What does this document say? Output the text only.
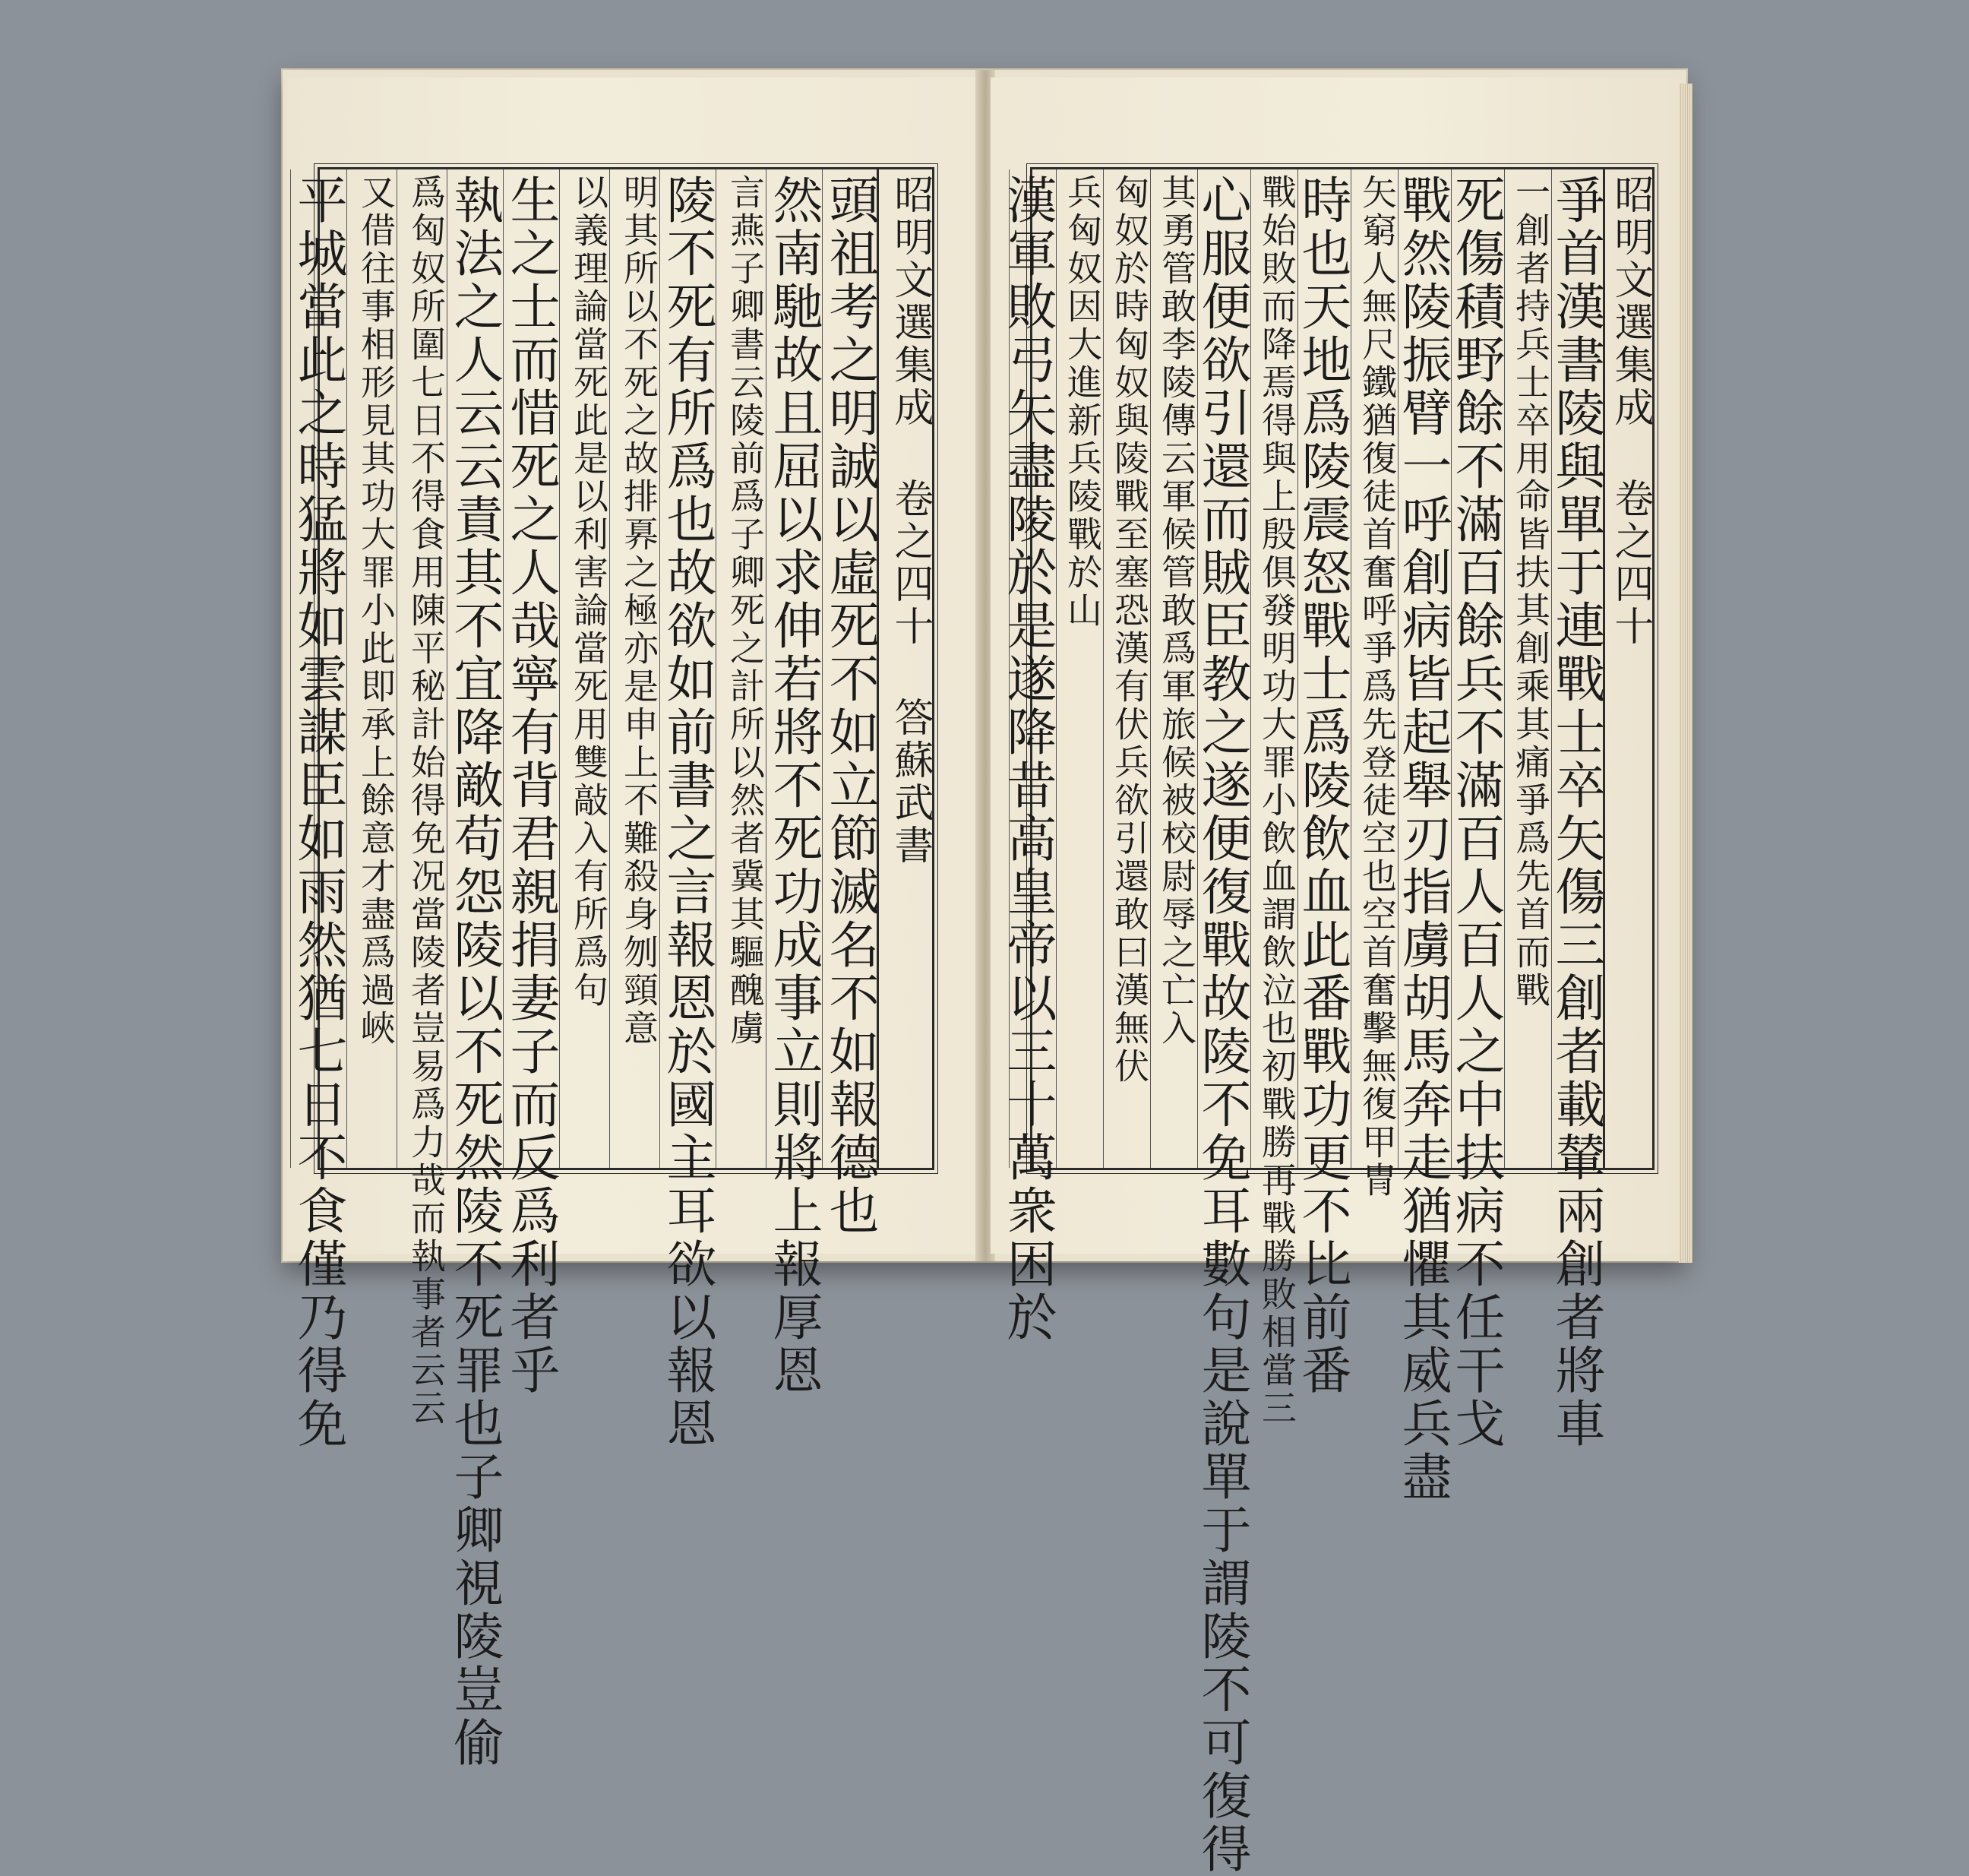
昭明文選集成 卷之四十 答蘇武書
頭祖考之明誠以虛死不如立節滅名不如報德也
然南馳故且屈以求伸若將不死功成事立則將上報厚恩
言燕子卿書云陵前爲子卿死之計所以然者冀其驅醜虜
陵不死有所爲也故欲如前書之言報恩於國主耳欲以報恩
明其所以不死之故排奡之極亦是申上不難殺身刎頸意
以義理論當死此是以利害論當死用雙敲入有所爲句
生之士而惜死之人哉寧有背君親捐妻子而反爲利者乎
執法之人云云責其不宜降敵苟怨陵以不死然陵不死罪也子卿視陵豈偷
爲匈奴所圍七日不得食用陳平秘計始得免况當陵者豈易爲力哉而執事者云云
又借往事相形見其功大罪小此即承上餘意才盡爲過峽
平城當此之時猛將如雲謀臣如雨然猶七日不食僅乃得免	昭明文選集成 卷之四十
爭首漢書陵與單于連戰士卒矢傷三創者載輦兩創者將車
一創者持兵士卒用命皆扶其創乘其痛爭爲先首而戰
死傷積野餘不滿百餘兵不滿百人百人之中扶病不任干戈
戰然陵振臂一呼創病皆起舉刃指虜胡馬奔走猶懼其威兵盡
矢窮人無尺鐵猶復徒首奮呼爭爲先登徒空也空首奮擊無復甲冑
時也天地爲陵震怒戰士爲陵飲血此番戰功更不比前番
戰始敗而降焉得與上殷俱發明功大罪小飲血謂飲泣也初戰勝再戰勝敗相當三
心服便欲引還而賊臣教之遂便復戰故陵不免耳數句是說單于謂陵不可復得
其勇管敢李陵傳云軍候管敢爲軍旅候被校尉辱之亡入
匈奴於時匈奴與陵戰至塞恐漢有伏兵欲引還敢曰漢無伏
兵匈奴因大進新兵陵戰於山
漢軍敗弓矢盡陵於是遂降昔高皇帝以三十萬衆困於
